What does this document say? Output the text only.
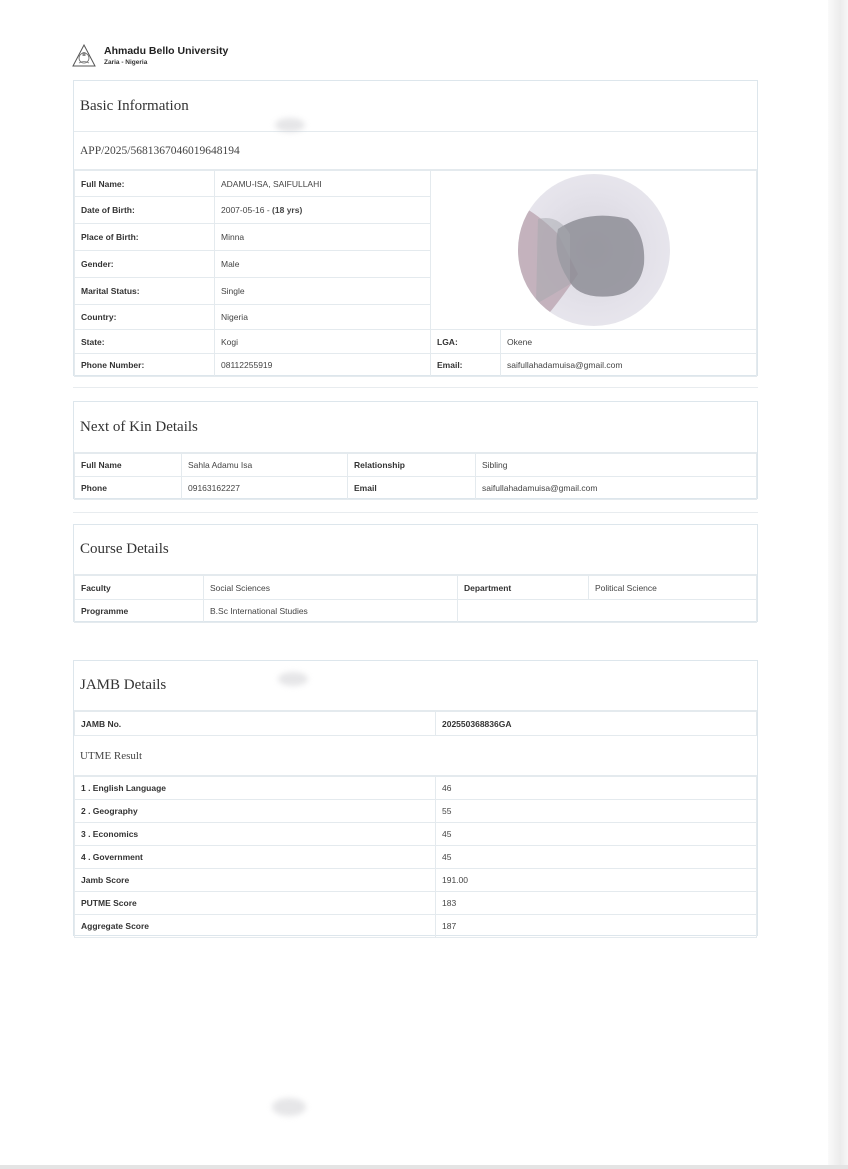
Ahmadu Bello University
Zaria - Nigeria
Basic Information
APP/2025/5681367046019648194
Full Name:	ADAMU-ISA, SAIFULLAHI	

Date of Birth:	2007-05-16 - (18 yrs)		
Place of Birth:	Minna		
Gender:	Male		
Marital Status:	Single		
Country:	Nigeria		
State:	Kogi	LGA:	Okene
Phone Number:	08112255919	Email:	saifullahadamuisa@gmail.com
Next of Kin Details
Full Name	Sahla Adamu Isa	Relationship	Sibling
Phone	09163162227	Email	saifullahadamuisa@gmail.com
Course Details
Faculty	Social Sciences	Department	Political Science
Programme	B.Sc International Studies		
JAMB Details
JAMB No.	202550368836GA
UTME Result
1 . English Language	46
2 . Geography	55
3 . Economics	45
4 . Government	45
Jamb Score	191.00
PUTME Score	183
Aggregate Score	187
